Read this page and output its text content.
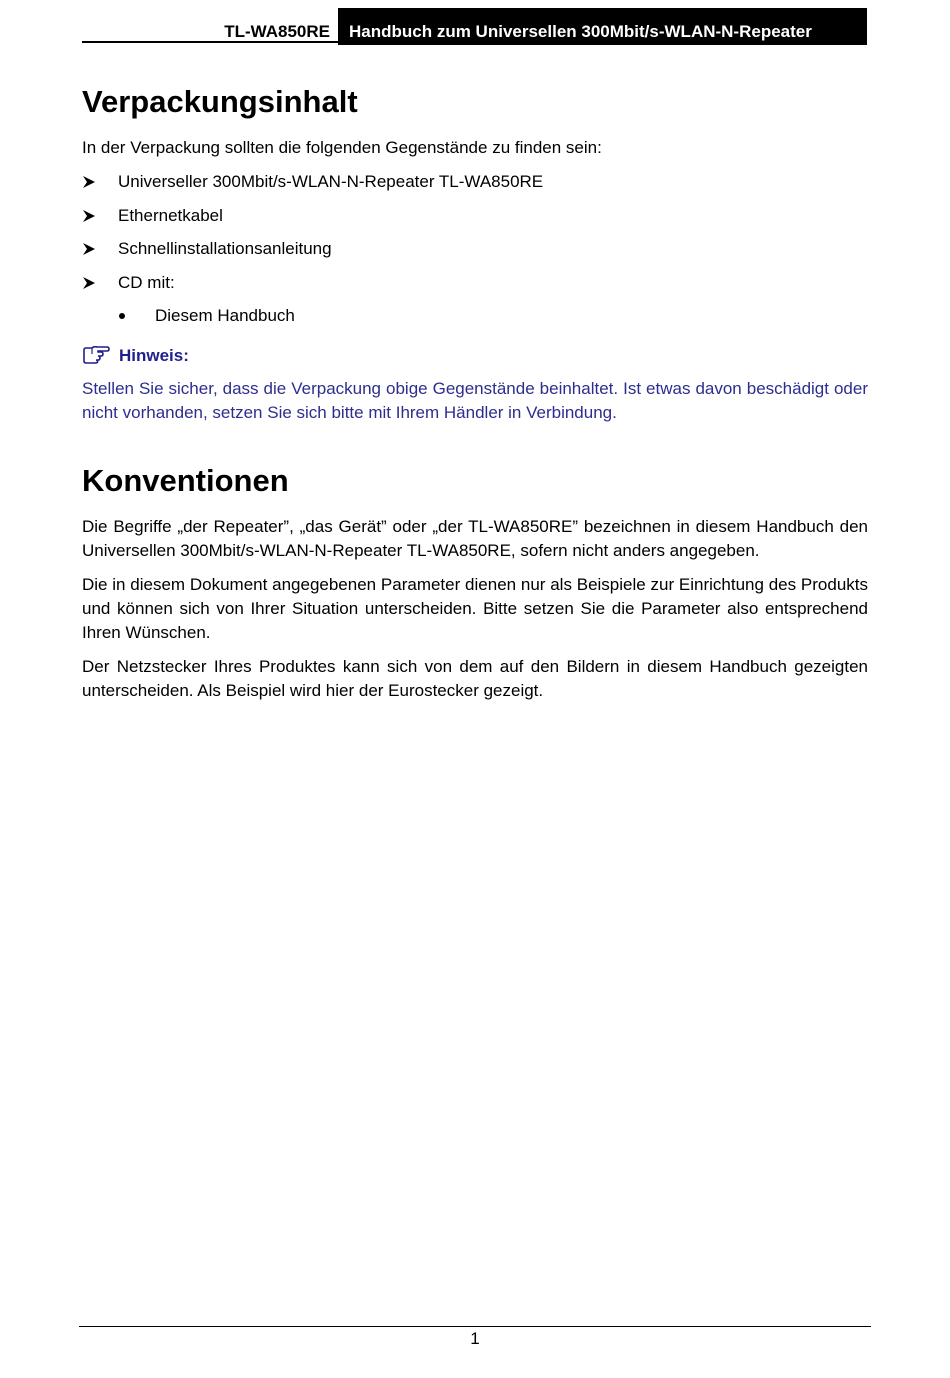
TL-WA850RE	Handbuch zum Universellen 300Mbit/s-WLAN-N-Repeater
Verpackungsinhalt

In der Verpackung sollten die folgenden Gegenstände zu finden sein:

Universeller 300Mbit/s-WLAN-N-Repeater TL-WA850RE
Ethernetkabel
Schnellinstallationsanleitung
CD mit:
Diesem Handbuch
Hinweis:

Stellen Sie sicher, dass die Verpackung obige Gegenstände beinhaltet. Ist etwas davon beschädigt oder nicht vorhanden, setzen Sie sich bitte mit Ihrem Händler in Verbindung.

Konventionen

Die Begriffe „der Repeater”, „das Gerät” oder „der TL-WA850RE” bezeichnen in diesem Handbuch den Universellen 300Mbit/s-WLAN-N-Repeater TL-WA850RE, sofern nicht anders angegeben.

Die in diesem Dokument angegebenen Parameter dienen nur als Beispiele zur Einrichtung des Produkts und können sich von Ihrer Situation unterscheiden. Bitte setzen Sie die Parameter also entsprechend Ihren Wünschen.

Der Netzstecker Ihres Produktes kann sich von dem auf den Bildern in diesem Handbuch gezeigten unterscheiden. Als Beispiel wird hier der Eurostecker gezeigt.

1
